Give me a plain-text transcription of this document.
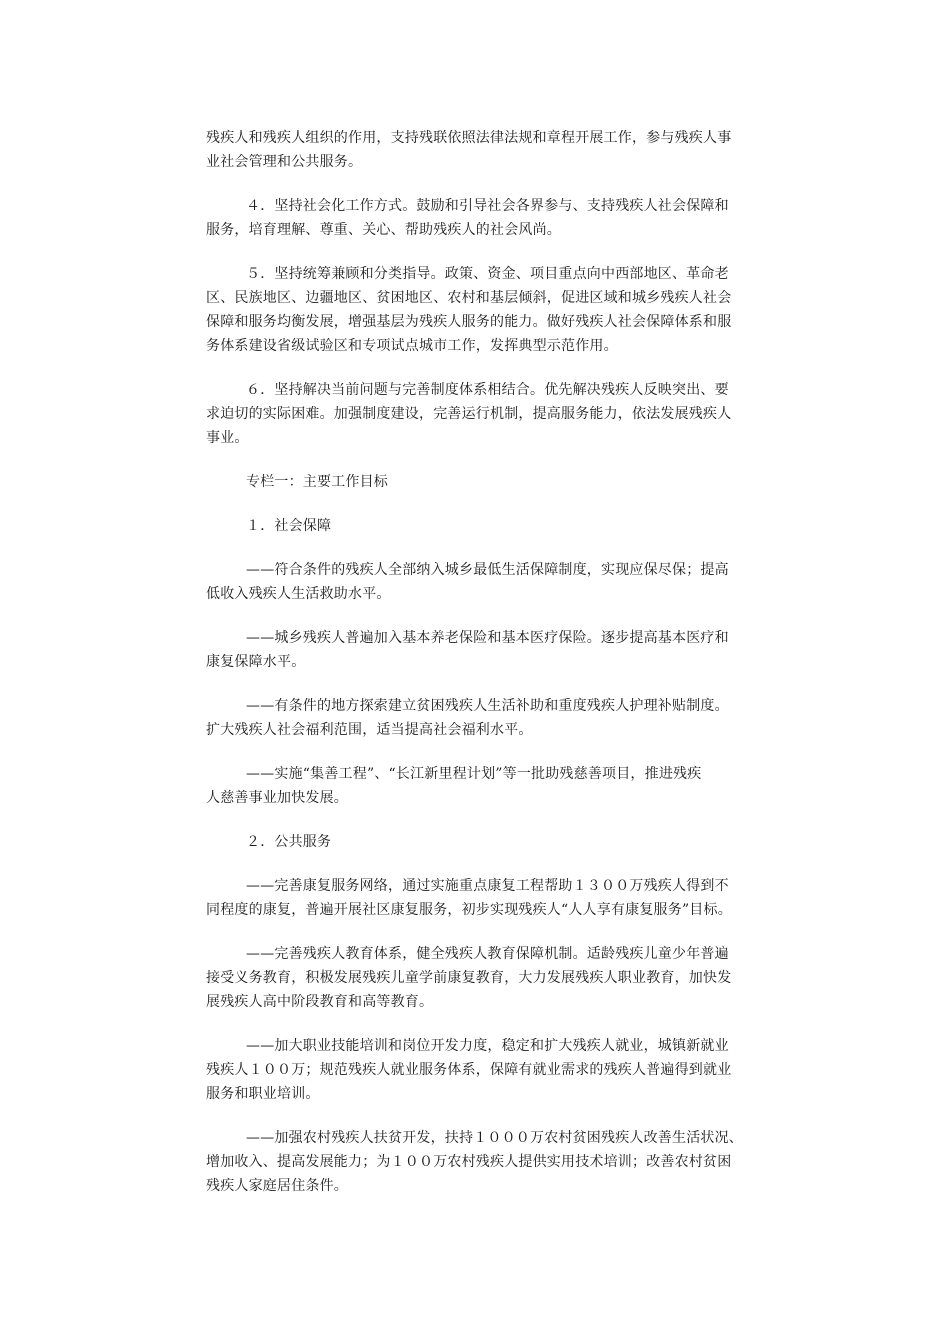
残疾人和残疾人组织的作用，支持残联依照法律法规和章程开展工作，参与残疾人事
业社会管理和公共服务。
４．坚持社会化工作方式。鼓励和引导社会各界参与、支持残疾人社会保障和
服务，培育理解、尊重、关心、帮助残疾人的社会风尚。
５．坚持统筹兼顾和分类指导。政策、资金、项目重点向中西部地区、革命老
区、民族地区、边疆地区、贫困地区、农村和基层倾斜，促进区域和城乡残疾人社会
保障和服务均衡发展，增强基层为残疾人服务的能力。做好残疾人社会保障体系和服
务体系建设省级试验区和专项试点城市工作，发挥典型示范作用。
６．坚持解决当前问题与完善制度体系相结合。优先解决残疾人反映突出、要
求迫切的实际困难。加强制度建设，完善运行机制，提高服务能力，依法发展残疾人
事业。
专栏一：主要工作目标
１．社会保障
——符合条件的残疾人全部纳入城乡最低生活保障制度，实现应保尽保；提高
低收入残疾人生活救助水平。
——城乡残疾人普遍加入基本养老保险和基本医疗保险。逐步提高基本医疗和
康复保障水平。
——有条件的地方探索建立贫困残疾人生活补助和重度残疾人护理补贴制度。
扩大残疾人社会福利范围，适当提高社会福利水平。
——实施“集善工程”、“长江新里程计划”等一批助残慈善项目，推进残疾
人慈善事业加快发展。
２．公共服务
——完善康复服务网络，通过实施重点康复工程帮助１３００万残疾人得到不
同程度的康复，普遍开展社区康复服务，初步实现残疾人“人人享有康复服务”目标。
——完善残疾人教育体系，健全残疾人教育保障机制。适龄残疾儿童少年普遍
接受义务教育，积极发展残疾儿童学前康复教育，大力发展残疾人职业教育，加快发
展残疾人高中阶段教育和高等教育。
——加大职业技能培训和岗位开发力度，稳定和扩大残疾人就业，城镇新就业
残疾人１００万；规范残疾人就业服务体系，保障有就业需求的残疾人普遍得到就业
服务和职业培训。
——加强农村残疾人扶贫开发，扶持１０００万农村贫困残疾人改善生活状况、
增加收入、提高发展能力；为１００万农村残疾人提供实用技术培训；改善农村贫困
残疾人家庭居住条件。
